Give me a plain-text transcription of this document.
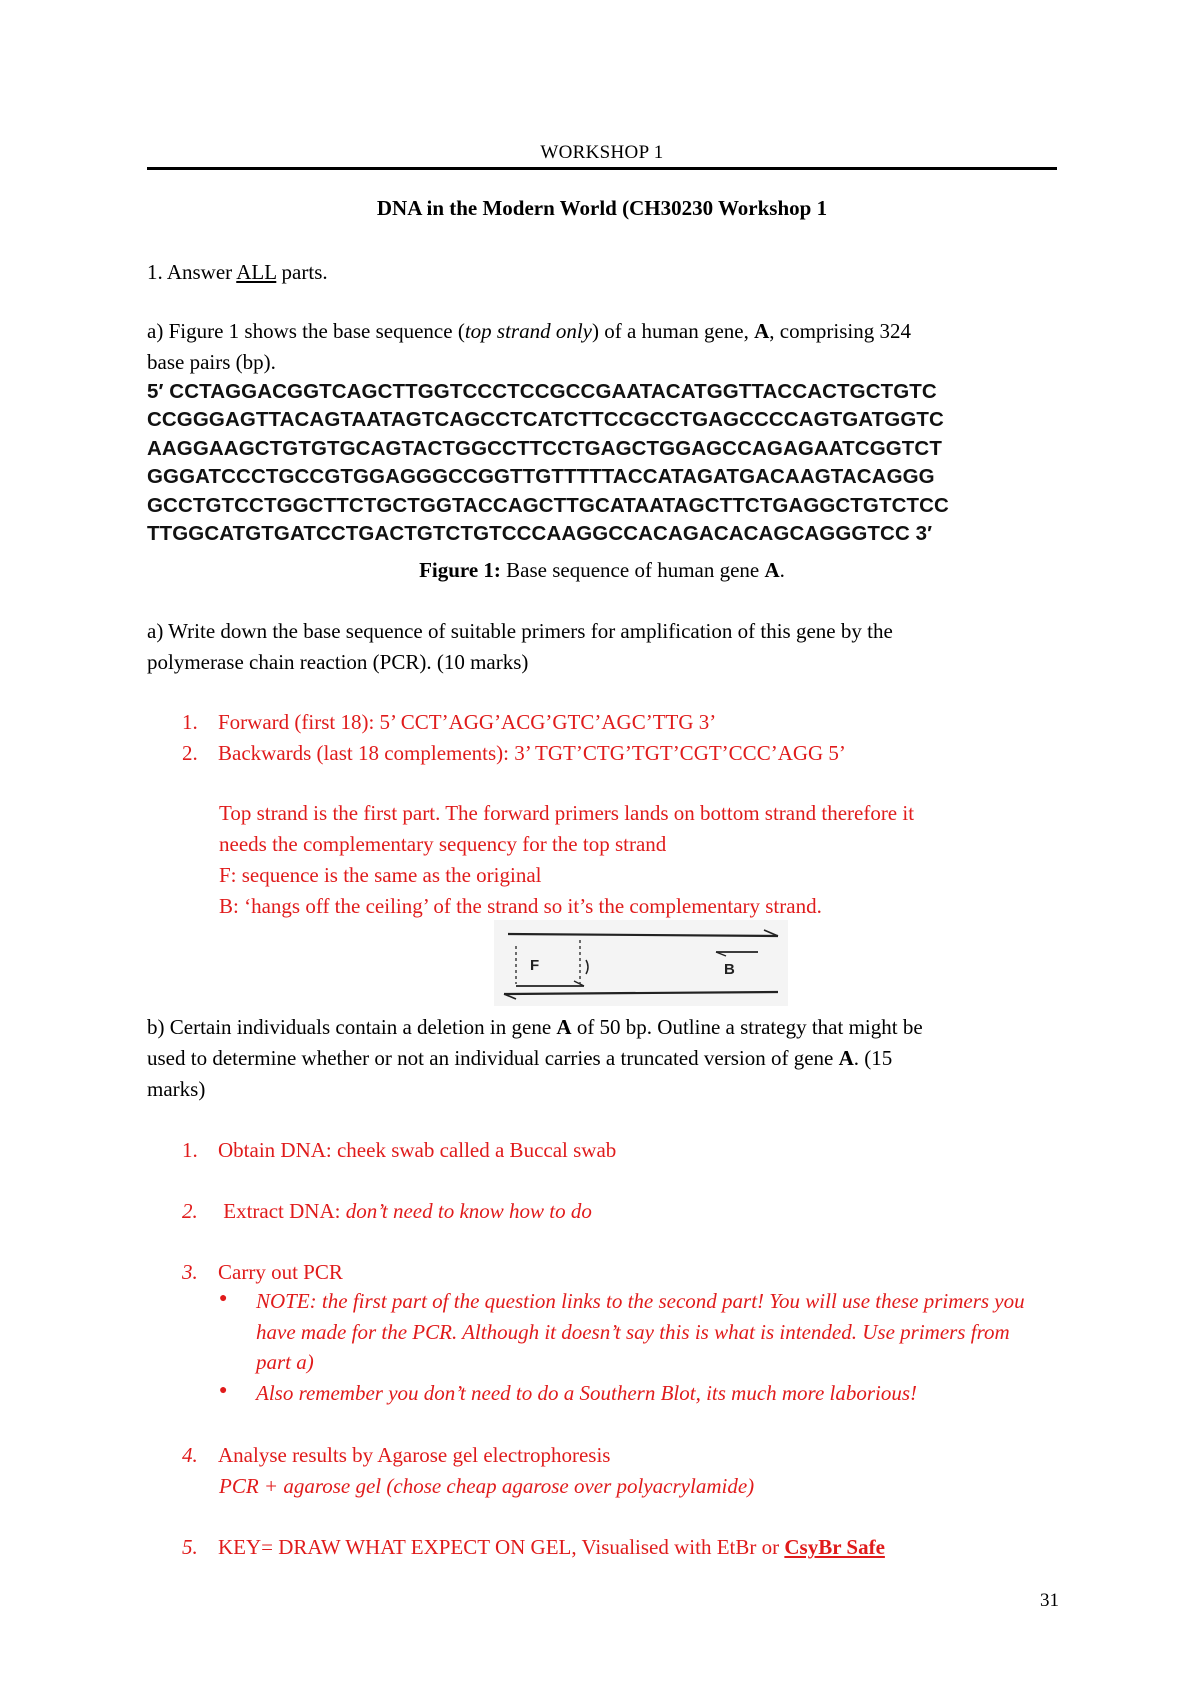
WORKSHOP 1
DNA in the Modern World (CH30230 Workshop 1

1. Answer ALL parts.

a) Figure 1 shows the base sequence (top strand only) of a human gene, A, comprising 324

base pairs (bp).

5′ CCTAGGACGGTCAGCTTGGTCCCTCCGCCGAATACATGGTTACCACTGCTGTC
CCGGGAGTTACAGTAATAGTCAGCCTCATCTTCCGCCTGAGCCCCAGTGATGGTC
AAGGAAGCTGTGTGCAGTACTGGCCTTCCTGAGCTGGAGCCAGAGAATCGGTCT
GGGATCCCTGCCGTGGAGGGCCGGTTGTTTTTACCATAGATGACAAGTACAGGG
GCCTGTCCTGGCTTCTGCTGGTACCAGCTTGCATAATAGCTTCTGAGGCTGTCTCC
TTGGCATGTGATCCTGACTGTCTGTCCCAAGGCCACAGACACAGCAGGGTCC 3′
Figure 1: Base sequence of human gene A.

a) Write down the base sequence of suitable primers for amplification of this gene by the

polymerase chain reaction (PCR). (10 marks)

1. Forward (first 18): 5’ CCT’AGG’ACG’GTC’AGC’TTG 3’
2. Backwards (last 18 complements): 3’ TGT’CTG’TGT’CGT’CCC’AGG 5’
Top strand is the first part. The forward primers lands on bottom strand therefore it
needs the complementary sequency for the top strand
F: sequence is the same as the original
B: ‘hangs off the ceiling’ of the strand so it’s the complementary strand.
F	B

b) Certain individuals contain a deletion in gene A of 50 bp. Outline a strategy that might be

used to determine whether or not an individual carries a truncated version of gene A. (15

marks)

1. Obtain DNA: cheek swab called a Buccal swab
2. Extract DNA: don’t need to know how to do
3. Carry out PCR
● NOTE: the first part of the question links to the second part! You will use these primers you have made for the PCR. Although it doesn’t say this is what is intended. Use primers from part a)
● Also remember you don’t need to do a Southern Blot, its much more laborious!
4. Analyse results by Agarose gel electrophoresis
PCR + agarose gel (chose cheap agarose over polyacrylamide)
5. KEY= DRAW WHAT EXPECT ON GEL, Visualised with EtBr or CsyBr Safe
31
